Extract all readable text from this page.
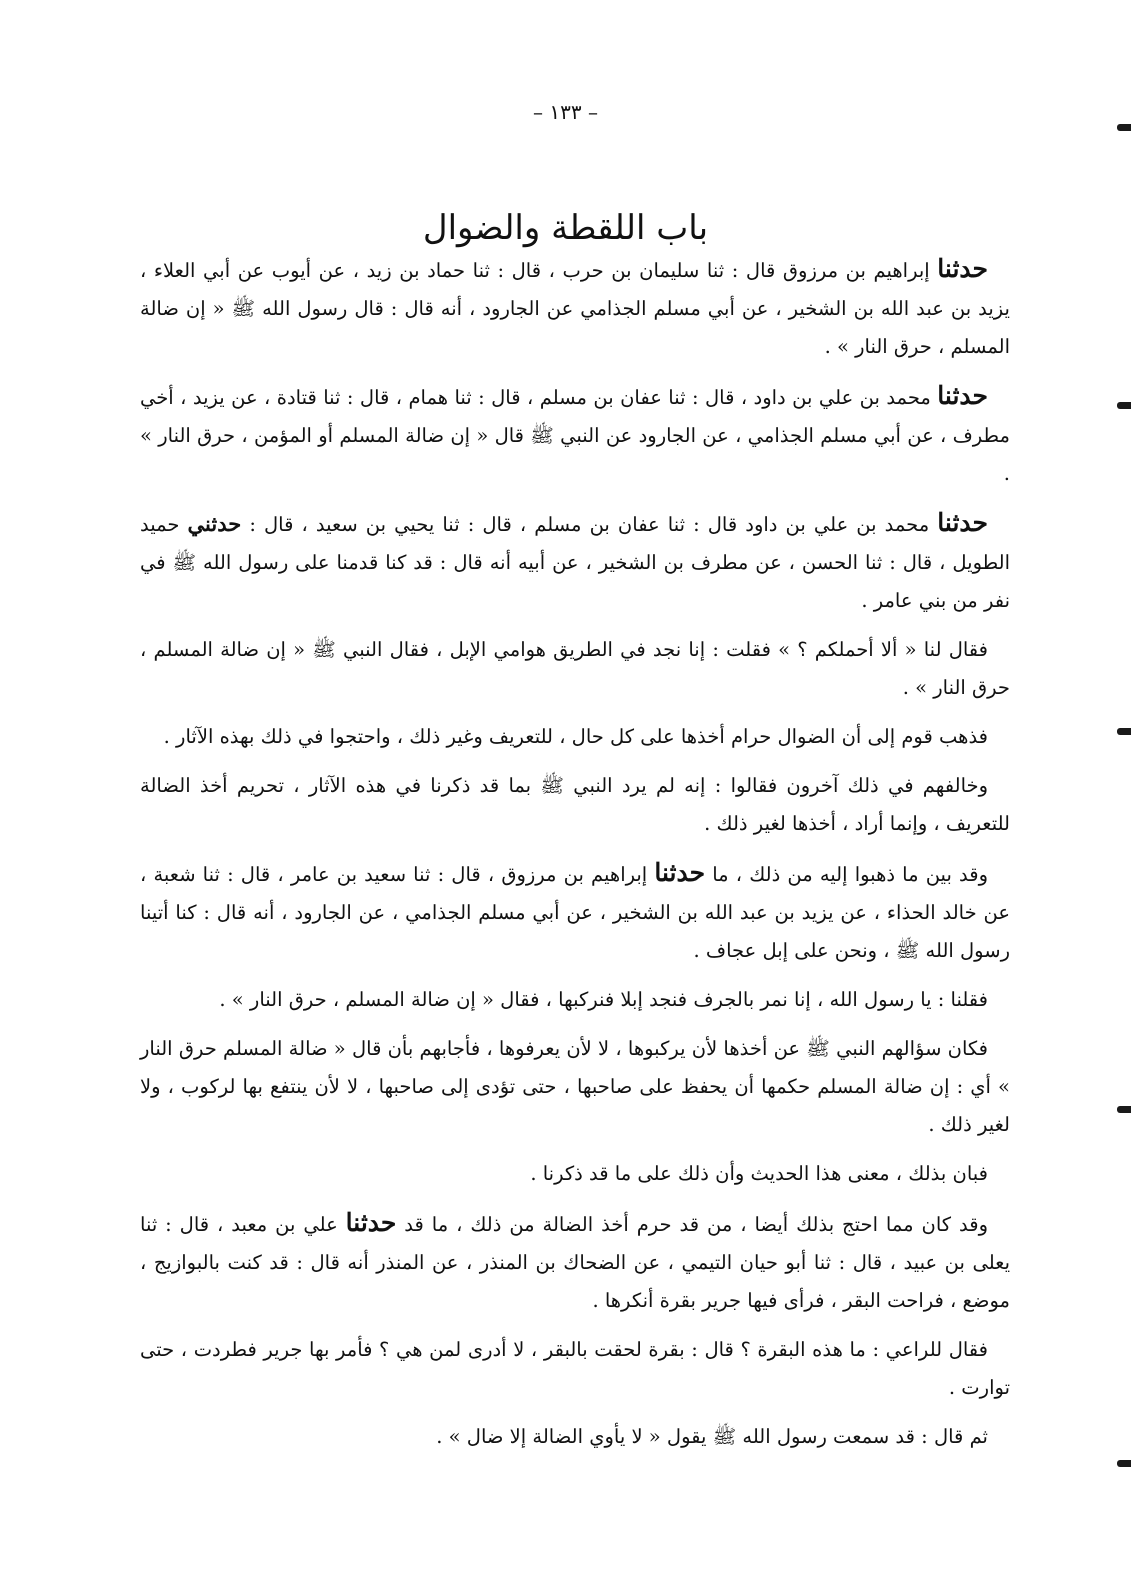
– ١٣٣ –
باب اللقطة والضوال

حدثنا إبراهيم بن مرزوق قال : ثنا سليمان بن حرب ، قال : ثنا حماد بن زيد ، عن أيوب عن أبي العلاء ، يزيد بن عبد الله بن الشخير ، عن أبي مسلم الجذامي عن الجارود ، أنه قال : قال رسول الله ﷺ « إن ضالة المسلم ، حرق النار » .

حدثنا محمد بن علي بن داود ، قال : ثنا عفان بن مسلم ، قال : ثنا همام ، قال : ثنا قتادة ، عن يزيد ، أخي مطرف ، عن أبي مسلم الجذامي ، عن الجارود عن النبي ﷺ قال « إن ضالة المسلم أو المؤمن ، حرق النار » .

حدثنا محمد بن علي بن داود قال : ثنا عفان بن مسلم ، قال : ثنا يحيي بن سعيد ، قال : حدثني حميد الطويل ، قال : ثنا الحسن ، عن مطرف بن الشخير ، عن أبيه أنه قال : قد كنا قدمنا على رسول الله ﷺ في نفر من بني عامر .

فقال لنا « ألا أحملكم ؟ » فقلت : إنا نجد في الطريق هوامي الإبل ، فقال النبي ﷺ « إن ضالة المسلم ، حرق النار » .

فذهب قوم إلى أن الضوال حرام أخذها على كل حال ، للتعريف وغير ذلك ، واحتجوا في ذلك بهذه الآثار .

وخالفهم في ذلك آخرون فقالوا : إنه لم يرد النبي ﷺ بما قد ذكرنا في هذه الآثار ، تحريم أخذ الضالة للتعريف ، وإنما أراد ، أخذها لغير ذلك .

وقد بين ما ذهبوا إليه من ذلك ، ما حدثنا إبراهيم بن مرزوق ، قال : ثنا سعيد بن عامر ، قال : ثنا شعبة ، عن خالد الحذاء ، عن يزيد بن عبد الله بن الشخير ، عن أبي مسلم الجذامي ، عن الجارود ، أنه قال : كنا أتينا رسول الله ﷺ ، ونحن على إبل عجاف .

فقلنا : يا رسول الله ، إنا نمر بالجرف فنجد إبلا فنركبها ، فقال « إن ضالة المسلم ، حرق النار » .

فكان سؤالهم النبي ﷺ عن أخذها لأن يركبوها ، لا لأن يعرفوها ، فأجابهم بأن قال « ضالة المسلم حرق النار » أي : إن ضالة المسلم حكمها أن يحفظ على صاحبها ، حتى تؤدى إلى صاحبها ، لا لأن ينتفع بها لركوب ، ولا لغير ذلك .

فبان بذلك ، معنى هذا الحديث وأن ذلك على ما قد ذكرنا .

وقد كان مما احتج بذلك أيضا ، من قد حرم أخذ الضالة من ذلك ، ما قد حدثنا علي بن معبد ، قال : ثنا يعلى بن عبيد ، قال : ثنا أبو حيان التيمي ، عن الضحاك بن المنذر ، عن المنذر أنه قال : قد كنت بالبوازيج ، موضع ، فراحت البقر ، فرأى فيها جرير بقرة أنكرها .

فقال للراعي : ما هذه البقرة ؟ قال : بقرة لحقت بالبقر ، لا أدرى لمن هي ؟ فأمر بها جرير فطردت ، حتى توارت .

ثم قال : قد سمعت رسول الله ﷺ يقول « لا يأوي الضالة إلا ضال » .
